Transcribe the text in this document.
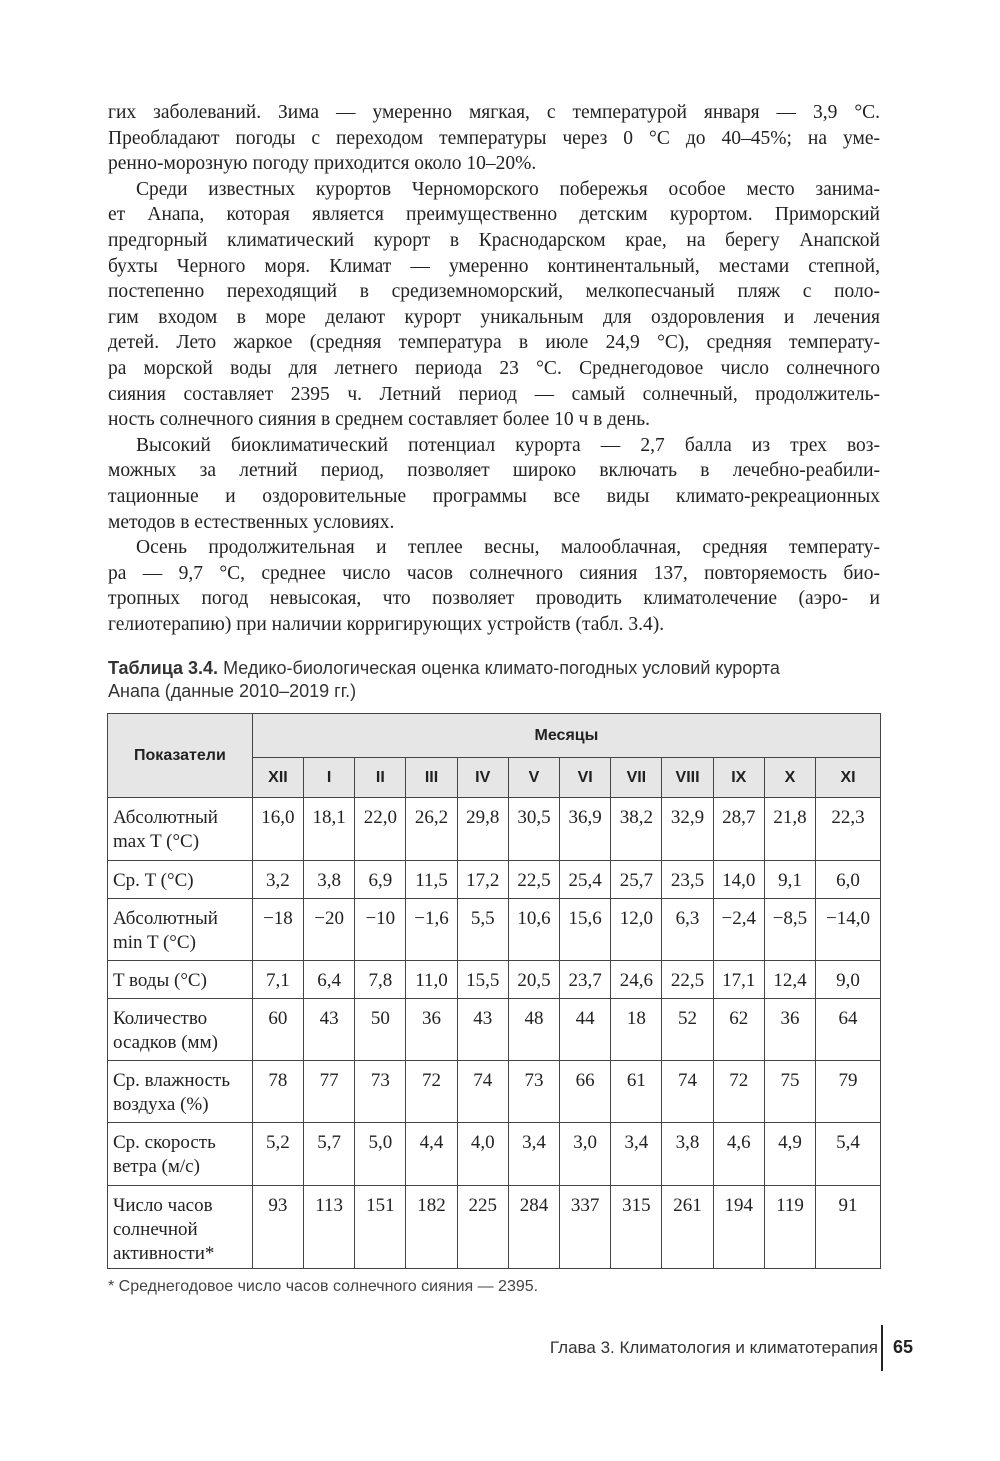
гих заболеваний. Зима — умеренно мягкая, с температурой января — 3,9 °С.
Преобладают погоды с переходом температуры через 0 °С до 40–45%; на уме-
ренно-морозную погоду приходится около 10–20%.
Среди известных курортов Черноморского побережья особое место занима-
ет Анапа, которая является преимущественно детским курортом. Приморский
предгорный климатический курорт в Краснодарском крае, на берегу Анапской
бухты Черного моря. Климат — умеренно континентальный, местами степной,
постепенно переходящий в средиземноморский, мелкопесчаный пляж с поло-
гим входом в море делают курорт уникальным для оздоровления и лечения
детей. Лето жаркое (средняя температура в июле 24,9 °С), средняя температу-
ра морской воды для летнего периода 23 °С. Среднегодовое число солнечного
сияния составляет 2395 ч. Летний период — самый солнечный, продолжитель-
ность солнечного сияния в среднем составляет более 10 ч в день.
Высокий биоклиматический потенциал курорта — 2,7 балла из трех воз-
можных за летний период, позволяет широко включать в лечебно-реабили-
тационные и оздоровительные программы все виды климато-рекреационных
методов в естественных условиях.
Осень продолжительная и теплее весны, малооблачная, средняя температу-
ра — 9,7 °С, среднее число часов солнечного сияния 137, повторяемость био-
тропных погод невысокая, что позволяет проводить климатолечение (аэро- и
гелиотерапию) при наличии корригирующих устройств (табл. 3.4).
Таблица 3.4. Медико-биологическая оценка климато-погодных условий курорта
Анапа (данные 2010–2019 гг.)
Показатели	Месяцы											
	XII	I	II	III	IV	V	VI	VII	VIII	IX	X	XI

Абсолютный
max T (°C)	16,0	18,1	22,0	26,2	29,8	30,5	36,9	38,2	32,9	28,7	21,8	22,3

Ср. T (°C)	3,2	3,8	6,9	11,5	17,2	22,5	25,4	25,7	23,5	14,0	9,1	6,0

Абсолютный
min T (°C)	−18	−20	−10	−1,6	5,5	10,6	15,6	12,0	6,3	−2,4	−8,5	−14,0

T воды (°C)	7,1	6,4	7,8	11,0	15,5	20,5	23,7	24,6	22,5	17,1	12,4	9,0

Количество
осадков (мм)	60	43	50	36	43	48	44	18	52	62	36	64

Ср. влажность
воздуха (%)	78	77	73	72	74	73	66	61	74	72	75	79

Ср. скорость
ветра (м/с)	5,2	5,7	5,0	4,4	4,0	3,4	3,0	3,4	3,8	4,6	4,9	5,4

Число часов
солнечной
активности*	93	113	151	182	225	284	337	315	261	194	119	91
* Среднегодовое число часов солнечного сияния — 2395.
Глава 3. Климатология и климатотерапия 65
